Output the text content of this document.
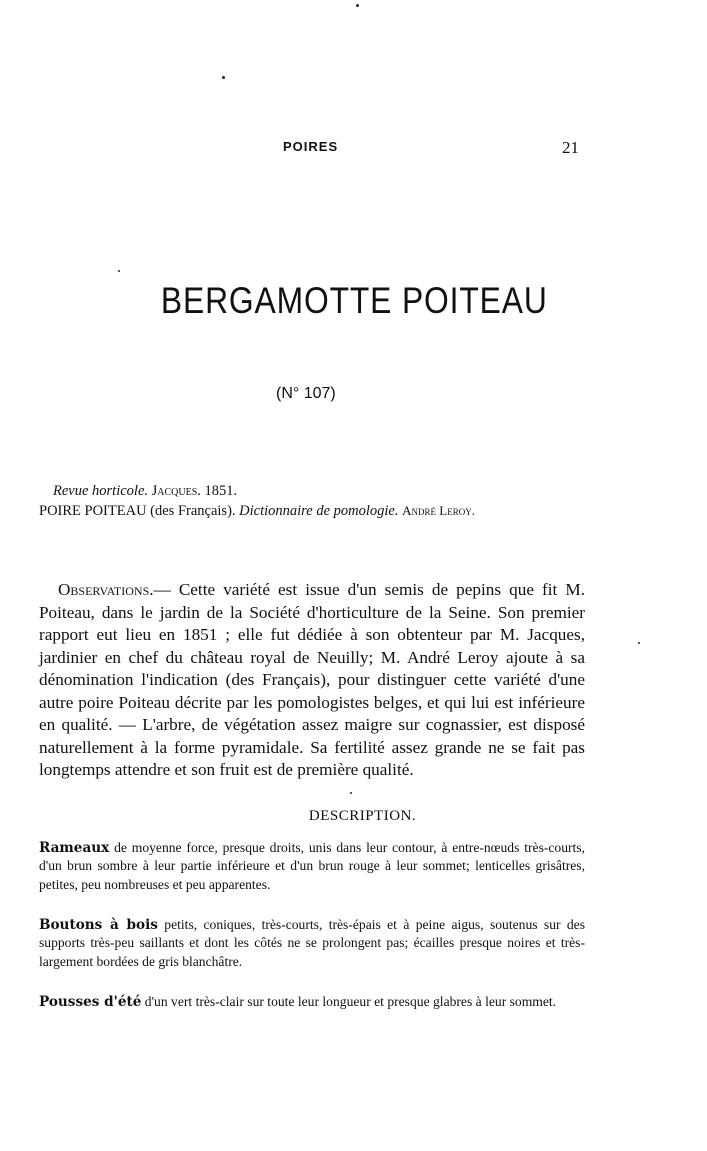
POIRES	21
BERGAMOTTE POITEAU
(N° 107)
Revue horticole. Jacques. 1851.
POIRE POITEAU (des Français). Dictionnaire de pomologie. André Leroy.
Observations.— Cette variété est issue d'un semis de pepins que fit M. Poiteau, dans le jardin de la Société d'horticulture de la Seine. Son premier rapport eut lieu en 1851 ; elle fut dédiée à son obtenteur par M. Jacques, jardinier en chef du château royal de Neuilly; M. André Leroy ajoute à sa dénomination l'indication (des Français), pour distinguer cette variété d'une autre poire Poiteau décrite par les pomologistes belges, et qui lui est inférieure en qualité. — L'arbre, de végétation assez maigre sur cognassier, est disposé naturellement à la forme pyramidale. Sa fertilité assez grande ne se fait pas longtemps attendre et son fruit est de première qualité.
DESCRIPTION.
Rameaux de moyenne force, presque droits, unis dans leur contour, à entre-nœuds très-courts, d'un brun sombre à leur partie inférieure et d'un brun rouge à leur sommet; lenticelles grisâtres, petites, peu nombreuses et peu apparentes.
Boutons à bois petits, coniques, très-courts, très-épais et à peine aigus, soutenus sur des supports très-peu saillants et dont les côtés ne se prolongent pas; écailles presque noires et très-largement bordées de gris blanchâtre.
Pousses d'été d'un vert très-clair sur toute leur longueur et presque glabres à leur sommet.
